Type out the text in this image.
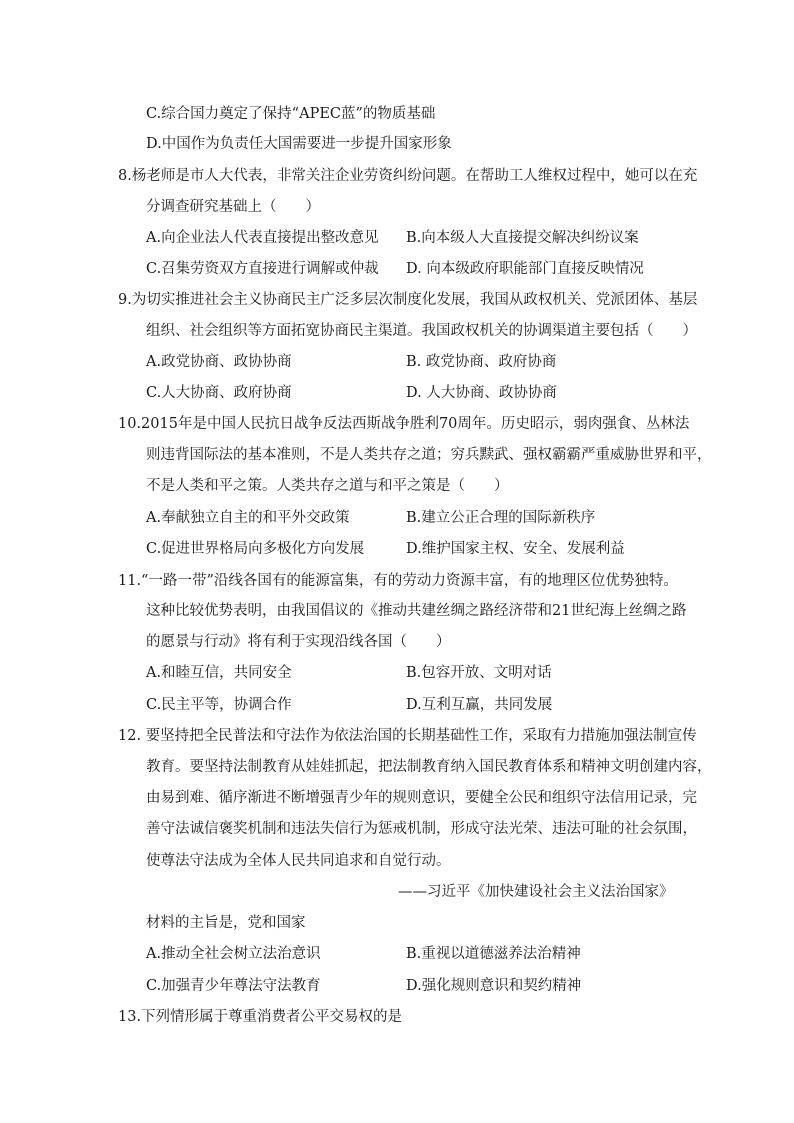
C.综合国力奠定了保持“APEC蓝”的物质基础
D.中国作为负责任大国需要进一步提升国家形象
8.杨老师是市人大代表，非常关注企业劳资纠纷问题。在帮助工人维权过程中，她可以在充
分调查研究基础上（　　）
A.向企业法人代表直接提出整改意见 B.向本级人大直接提交解决纠纷议案
C.召集劳资双方直接进行调解或仲裁 D. 向本级政府职能部门直接反映情况
9.为切实推进社会主义协商民主广泛多层次制度化发展，我国从政权机关、党派团体、基层
组织、社会组织等方面拓宽协商民主渠道。我国政权机关的协调渠道主要包括（　　）
A.政党协商、政协协商	B. 政党协商、政府协商
C.人大协商、政府协商	D. 人大协商、政协协商
10.2015年是中国人民抗日战争反法西斯战争胜利70周年。历史昭示，弱肉强食、丛林法
则违背国际法的基本准则，不是人类共存之道；穷兵黩武、强权霸霸严重威胁世界和平，
不是人类和平之策。人类共存之道与和平之策是（　　）
A.奉献独立自主的和平外交政策	B.建立公正合理的国际新秩序
C.促进世界格局向多极化方向发展	D.维护国家主权、安全、发展利益
11.“一路一带”沿线各国有的能源富集，有的劳动力资源丰富，有的地理区位优势独特。
这种比较优势表明，由我国倡议的《推动共建丝绸之路经济带和21世纪海上丝绸之路
的愿景与行动》将有利于实现沿线各国（　　）
A.和睦互信，共同安全	B.包容开放、文明对话
C.民主平等，协调合作	D.互利互赢，共同发展
12. 要坚持把全民普法和守法作为依法治国的长期基础性工作，采取有力措施加强法制宣传
教育。要坚持法制教育从娃娃抓起，把法制教育纳入国民教育体系和精神文明创建内容，
由易到难、循序渐进不断增强青少年的规则意识，要健全公民和组织守法信用记录，完
善守法诚信褒奖机制和违法失信行为惩戒机制，形成守法光荣、违法可耻的社会氛围，
使尊法守法成为全体人民共同追求和自觉行动。
——习近平《加快建设社会主义法治国家》
材料的主旨是，党和国家
A.推动全社会树立法治意识	B.重视以道德滋养法治精神
C.加强青少年尊法守法教育	D.强化规则意识和契约精神
13.下列情形属于尊重消费者公平交易权的是
